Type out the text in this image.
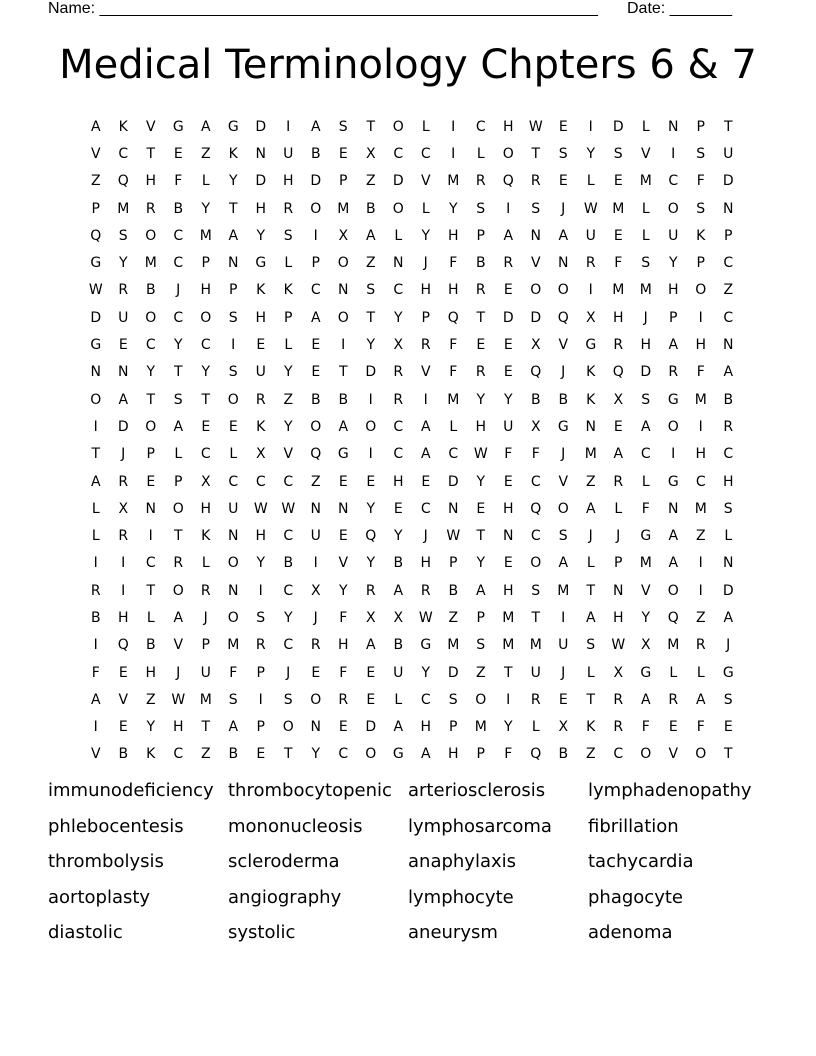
Name: ________________________________________________________ Date: _______
Medical Terminology Chpters 6 & 7
A	K	V	G	A	G	D	I	A	S	T	O	L	I	C	H	W	E	I	D	L	N	P	T
V	C	T	E	Z	K	N	U	B	E	X	C	C	I	L	O	T	S	Y	S	V	I	S	U
Z	Q	H	F	L	Y	D	H	D	P	Z	D	V	M	R	Q	R	E	L	E	M	C	F	D
P	M	R	B	Y	T	H	R	O	M	B	O	L	Y	S	I	S	J	W	M	L	O	S	N
Q	S	O	C	M	A	Y	S	I	X	A	L	Y	H	P	A	N	A	U	E	L	U	K	P
G	Y	M	C	P	N	G	L	P	O	Z	N	J	F	B	R	V	N	R	F	S	Y	P	C
W	R	B	J	H	P	K	K	C	N	S	C	H	H	R	E	O	O	I	M	M	H	O	Z
D	U	O	C	O	S	H	P	A	O	T	Y	P	Q	T	D	D	Q	X	H	J	P	I	C
G	E	C	Y	C	I	E	L	E	I	Y	X	R	F	E	E	X	V	G	R	H	A	H	N
N	N	Y	T	Y	S	U	Y	E	T	D	R	V	F	R	E	Q	J	K	Q	D	R	F	A
O	A	T	S	T	O	R	Z	B	B	I	R	I	M	Y	Y	B	B	K	X	S	G	M	B
I	D	O	A	E	E	K	Y	O	A	O	C	A	L	H	U	X	G	N	E	A	O	I	R
T	J	P	L	C	L	X	V	Q	G	I	C	A	C	W	F	F	J	M	A	C	I	H	C
A	R	E	P	X	C	C	C	Z	E	E	H	E	D	Y	E	C	V	Z	R	L	G	C	H
L	X	N	O	H	U	W W	N	N	Y	E	C	N	E	H	Q	O	A	L	F	N	M	S
L	R	I	T	K	N	H	C	U	E	Q	Y	J	W	T	N	C	S	J	J	G	A	Z	L
I	I	C	R	L	O	Y	B	I	V	Y	B	H	P	Y	E	O	A	L	P	M	A	I	N
R	I	T	O	R	N	I	C	X	Y	R	A	R	B	A	H	S	M	T	N	V	O	I	D
B	H	L	A	J	O	S	Y	J	F	X	X	W	Z	P	M	T	I	A	H	Y	Q	Z	A
I	Q	B	V	P	M	R	C	R	H	A	B	G	M	S	M	M	U	S	W	X	M	R	J
F	E	H	J	U	F	P	J	E	F	E	U	Y	D	Z	T	U	J	L	X	G	L	L	G
A	V	Z	W	M	S	I	S	O	R	E	L	C	S	O	I	R	E	T	R	A	R	A	S
I	E	Y	H	T	A	P	O	N	E	D	A	H	P	M	Y	L	X	K	R	F	E	F	E
V	B	K	C	Z	B	E	T	Y	C	O	G	A	H	P	F	Q	B	Z	C	O	V	O	T
immunodeficiency thrombocytopenic arteriosclerosis	lymphadenopathy
phlebocentesis	mononucleosis	lymphosarcoma	fibrillation
thrombolysis	scleroderma	anaphylaxis	tachycardia
aortoplasty	angiography	lymphocyte	phagocyte
diastolic	systolic	aneurysm	adenoma
